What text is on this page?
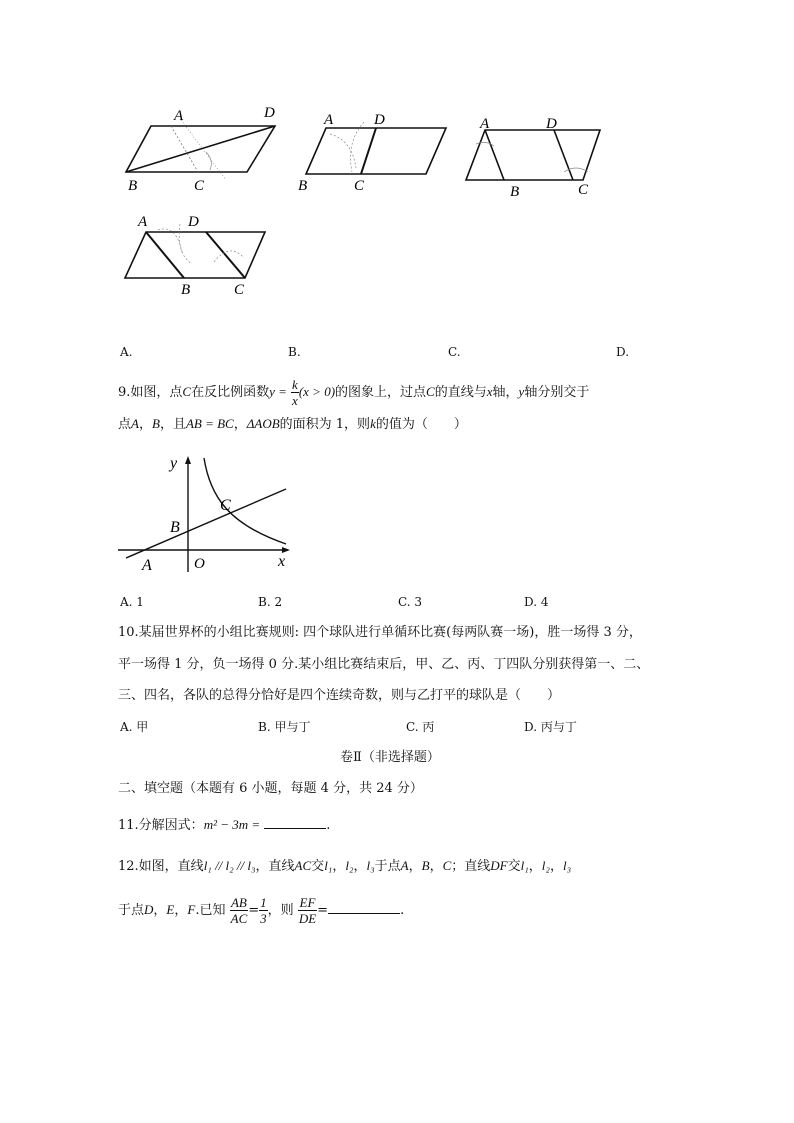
A	D
B	C
A	D
B	C
A	D
B	C
A	D
B	C
A.	B.	C.	D.
9.如图，点C在反比例函数$y = \frac{k}{x} (x > 0)$的图象上，过点C的直线与x轴，y轴分别交于
点A，B，且AB = BC，ΔAOB的面积为 1，则k的值为（　　）
y
x
A
B
C
O
A. 1	B. 2	C. 3	D. 4
10.某届世界杯的小组比赛规则: 四个球队进行单循环比赛(每两队赛一场)，胜一场得 3 分，
平一场得 1 分，负一场得 0 分.某小组比赛结束后，甲、乙、丙、丁四队分别获得第一、二、
三、四名，各队的总得分恰好是四个连续奇数，则与乙打平的球队是（　　）
A. 甲	B. 甲与丁	C. 丙	D. 丙与丁
卷Ⅱ（非选择题）
二、填空题（本题有 6 小题，每题 4 分，共 24 分）
11.分解因式：m² − 3m =	.
12.如图，直线l₁ // l₂ // l₃，直线AC交l₁，l₂，l₃于点A，B，C；直线DF交l₁，l₂，l₃
于点D，E，F.已知 $\frac{AB}{AC} = \frac{1}{3}$ ，则 $\frac{EF}{DE}$ =	.
